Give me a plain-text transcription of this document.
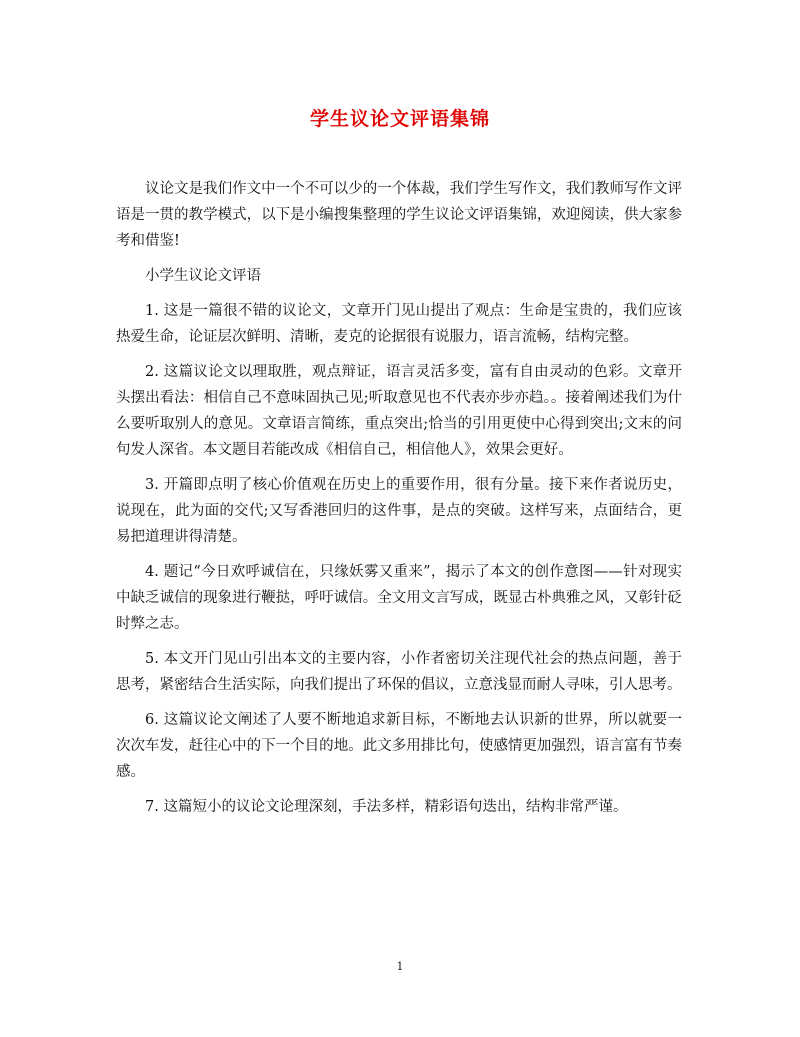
学生议论文评语集锦

议论文是我们作文中一个不可以少的一个体裁，我们学生写作文，我们教师写作文评语是一贯的教学模式，以下是小编搜集整理的学生议论文评语集锦，欢迎阅读，供大家参考和借鉴!

小学生议论文评语

1. 这是一篇很不错的议论文，文章开门见山提出了观点：生命是宝贵的，我们应该热爱生命，论证层次鲜明、清晰，麦克的论据很有说服力，语言流畅，结构完整。

2. 这篇议论文以理取胜，观点辩证，语言灵活多变，富有自由灵动的色彩。文章开头摆出看法：相信自己不意味固执己见;听取意见也不代表亦步亦趋。。接着阐述我们为什么要听取别人的意见。文章语言简练，重点突出;恰当的引用更使中心得到突出;文末的问句发人深省。本文题目若能改成《相信自己，相信他人》，效果会更好。

3. 开篇即点明了核心价值观在历史上的重要作用，很有分量。接下来作者说历史，说现在，此为面的交代;又写香港回归的这件事，是点的突破。这样写来，点面结合，更易把道理讲得清楚。

4. 题记“今日欢呼诚信在，只缘妖雾又重来”，揭示了本文的创作意图——针对现实中缺乏诚信的现象进行鞭挞，呼吁诚信。全文用文言写成，既显古朴典雅之风，又彰针砭时弊之志。

5. 本文开门见山引出本文的主要内容，小作者密切关注现代社会的热点问题，善于思考，紧密结合生活实际，向我们提出了环保的倡议，立意浅显而耐人寻味，引人思考。

6. 这篇议论文阐述了人要不断地追求新目标，不断地去认识新的世界，所以就要一次次车发，赶往心中的下一个目的地。此文多用排比句，使感情更加强烈，语言富有节奏感。

7. 这篇短小的议论文论理深刻，手法多样，精彩语句迭出，结构非常严谨。

1
